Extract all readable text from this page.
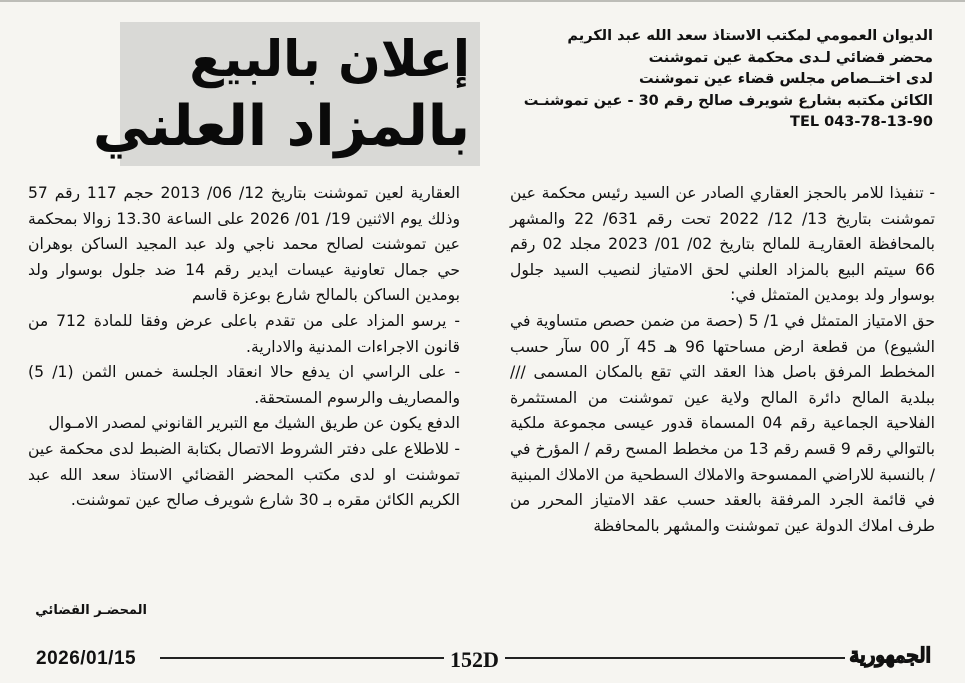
الديوان العمومي لمكتب الاستاذ سعد الله عبد الكريم
محضر قضائي لـدى محكمة عين تموشنت
لدى اختــصاص مجلس قضاء عين تموشنت
الكائن مكتبه بشارع شويرف صالح رقم 30 - عين تموشنـت
TEL 043-78-13-90
إعلان بالبيع
بالمزاد العلني

- تنفيذا للامر بالحجز العقاري الصادر عن السيد رئيس محكمة عين تموشنت بتاريخ 13/ 12/ 2022 تحت رقم 631/ 22 والمشهر بالمحافظة العقاريـة للمالح بتاريخ 02/ 01/ 2023 مجلد 02 رقم 66 سيتم البيع بالمزاد العلني لحق الامتياز لنصيب السيد جلول بوسوار ولد بومدين المتمثل في:

حق الامتياز المتمثل في 1/ 5 (حصة من ضمن حصص متساوية في الشيوع) من قطعة ارض مساحتها 96 هـ 45 آر 00 سآر حسب المخطط المرفق باصل هذا العقد التي تقع بالمكان المسمى /// ببلدية المالح دائرة المالح ولاية عين تموشنت من المستثمرة الفلاحية الجماعية رقم 04 المسماة قدور عيسى مجموعة ملكية بالتوالي رقم 9 قسم رقم 13 من مخطط المسح رقم / المؤرخ في / بالنسبة للاراضي الممسوحة والاملاك السطحية من الاملاك المبنية في قائمة الجرد المرفقة بالعقد حسب عقد الامتياز المحرر من طرف املاك الدولة عين تموشنت والمشهر بالمحافظة

العقارية لعين تموشنت بتاريخ 12/ 06/ 2013 حجم 117 رقم 57 وذلك يوم الاثنين 19/ 01/ 2026 على الساعة 13.30 زوالا بمحكمة عين تموشنت لصالح محمد ناجي ولد عبد المجيد الساكن بوهران حي جمال تعاونية عيسات ايدير رقم 14 ضد جلول بوسوار ولد بومدين الساكن بالمالح شارع بوعزة قاسم

- يرسو المزاد على من تقدم باعلى عرض وفقا للمادة 712 من قانون الاجراءات المدنية والادارية.

- على الراسي ان يدفع حالا انعقاد الجلسة خمس الثمن (1/ 5) والمصاريف والرسوم المستحقة.

الدفع يكون عن طريق الشيك مع التبرير القانوني لمصدر الامـوال

- للاطلاع على دفتر الشروط الاتصال بكتابة الضبط لدى محكمة عين تموشنت او لدى مكتب المحضر القضائي الاستاذ سعد الله عبد الكريم الكائن مقره بـ 30 شارع شويرف صالح عين تموشنت.

المحضـر القضائي
2026/01/15	152D	الجمهورية
